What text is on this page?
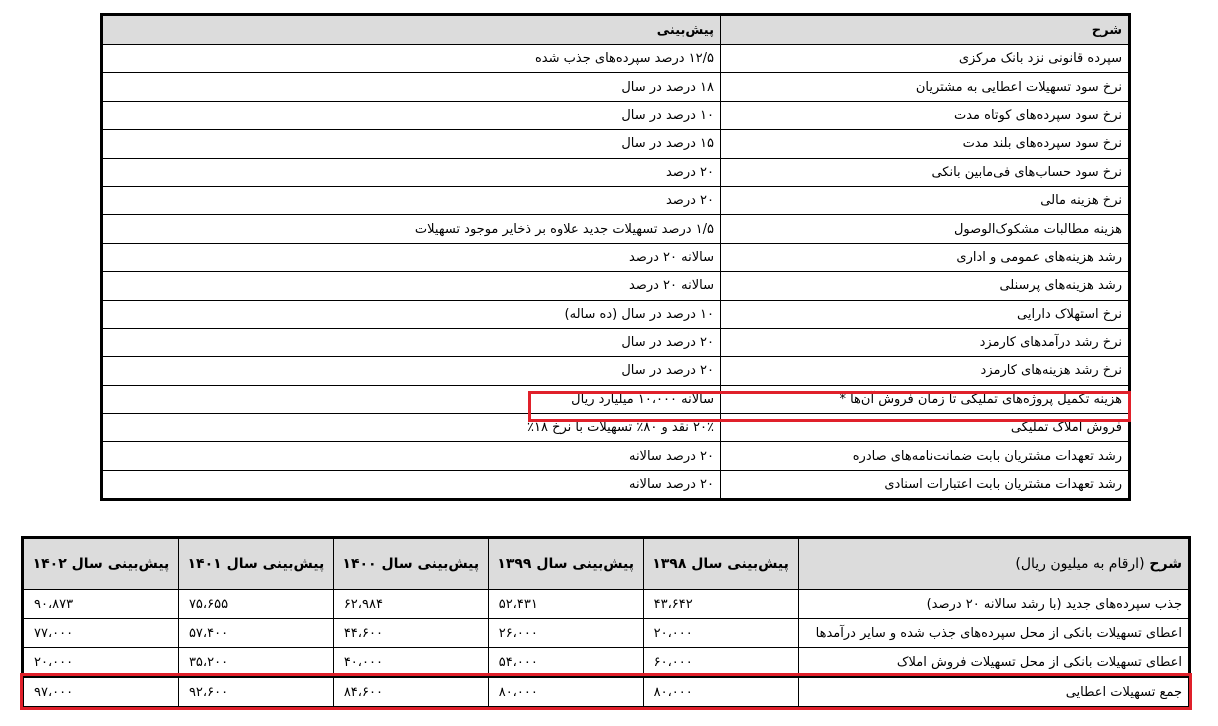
شرح	پیش‌بینی
سپرده قانونی نزد بانک مرکزی	۱۲/۵ درصد سپرده‌های جذب شده
نرخ سود تسهیلات اعطایی به مشتریان	۱۸ درصد در سال
نرخ سود سپرده‌های کوتاه مدت	۱۰ درصد در سال
نرخ سود سپرده‌های بلند مدت	۱۵ درصد در سال
نرخ سود حساب‌های فی‌مابین بانکی	۲۰ درصد
نرخ هزینه مالی	۲۰ درصد
هزینه مطالبات مشکوک‌الوصول	۱/۵ درصد تسهیلات جدید علاوه بر ذخایر موجود تسهیلات
رشد هزینه‌های عمومی و اداری	سالانه ۲۰ درصد
رشد هزینه‌های پرسنلی	سالانه ۲۰ درصد
نرخ استهلاک دارایی	۱۰ درصد در سال (ده ساله)
نرخ رشد درآمدهای کارمزد	۲۰ درصد در سال
نرخ رشد هزینه‌های کارمزد	۲۰ درصد در سال
هزینه تکمیل پروژه‌های تملیکی تا زمان فروش آن‌ها *	سالانه ۱۰،۰۰۰ میلیارد ریال
فروش املاک تملیکی	۲۰٪ نقد و ۸۰٪ تسهیلات با نرخ ۱۸٪
رشد تعهدات مشتریان بابت ضمانت‌نامه‌های صادره	۲۰ درصد سالانه
رشد تعهدات مشتریان بابت اعتبارات اسنادی	۲۰ درصد سالانه
شرح (ارقام به میلیون ریال)	پیش‌بینی سال ۱۳۹۸	پیش‌بینی سال ۱۳۹۹	پیش‌بینی سال ۱۴۰۰	پیش‌بینی سال ۱۴۰۱	پیش‌بینی سال ۱۴۰۲
جذب سپرده‌های جدید (با رشد سالانه ۲۰ درصد)	۴۳،۶۴۲	۵۲،۴۳۱	۶۲،۹۸۴	۷۵،۶۵۵	۹۰،۸۷۳
اعطای تسهیلات بانکی از محل سپرده‌های جذب شده و سایر درآمدها	۲۰،۰۰۰	۲۶،۰۰۰	۴۴،۶۰۰	۵۷،۴۰۰	۷۷،۰۰۰
اعطای تسهیلات بانکی از محل تسهیلات فروش املاک	۶۰،۰۰۰	۵۴،۰۰۰	۴۰،۰۰۰	۳۵،۲۰۰	۲۰،۰۰۰
جمع تسهیلات اعطایی	۸۰،۰۰۰	۸۰،۰۰۰	۸۴،۶۰۰	۹۲،۶۰۰	۹۷،۰۰۰
